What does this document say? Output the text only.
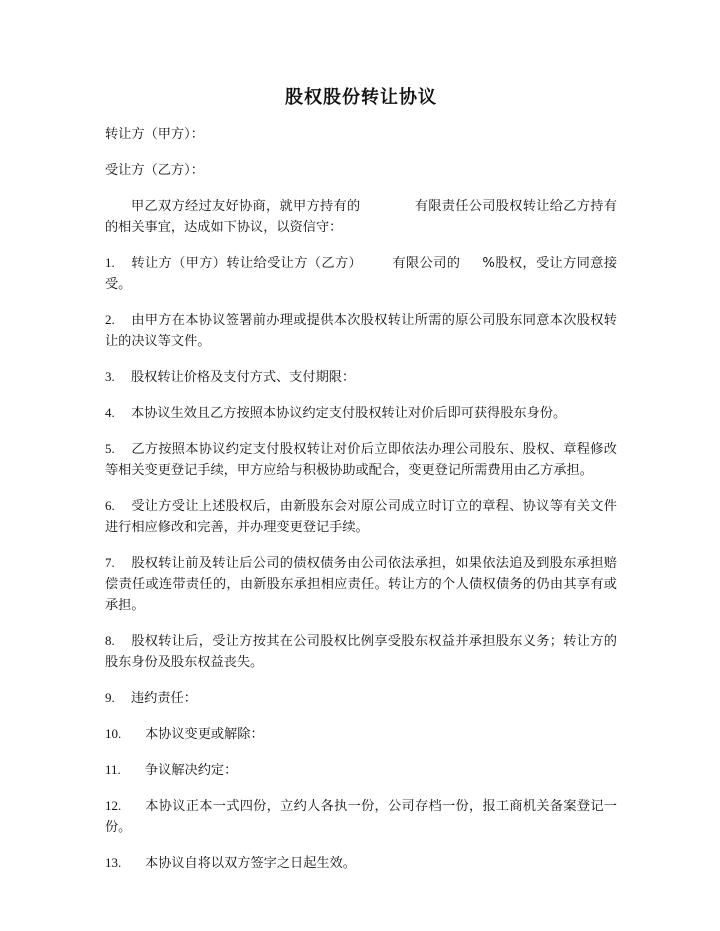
股权股份转让协议

转让方（甲方）：

受让方（乙方）：

甲乙双方经过友好协商，就甲方持有的	有限责任公司股权转让给乙方持有的相关事宜，达成如下协议，以资信守：

1. 转让方（甲方）转让给受让方（乙方） 有限公司的 %股权，受让方同意接受。

2. 由甲方在本协议签署前办理或提供本次股权转让所需的原公司股东同意本次股权转让的决议等文件。

3. 股权转让价格及支付方式、支付期限：

4. 本协议生效且乙方按照本协议约定支付股权转让对价后即可获得股东身份。

5. 乙方按照本协议约定支付股权转让对价后立即依法办理公司股东、股权、章程修改等相关变更登记手续，甲方应给与积极协助或配合，变更登记所需费用由乙方承担。

6. 受让方受让上述股权后，由新股东会对原公司成立时订立的章程、协议等有关文件进行相应修改和完善，并办理变更登记手续。

7. 股权转让前及转让后公司的债权债务由公司依法承担，如果依法追及到股东承担赔偿责任或连带责任的，由新股东承担相应责任。转让方的个人债权债务的仍由其享有或承担。

8. 股权转让后，受让方按其在公司股权比例享受股东权益并承担股东义务；转让方的股东身份及股东权益丧失。

9. 违约责任：

10. 本协议变更或解除：

11. 争议解决约定：

12. 本协议正本一式四份，立约人各执一份，公司存档一份，报工商机关备案登记一份。

13. 本协议自将以双方签字之日起生效。
